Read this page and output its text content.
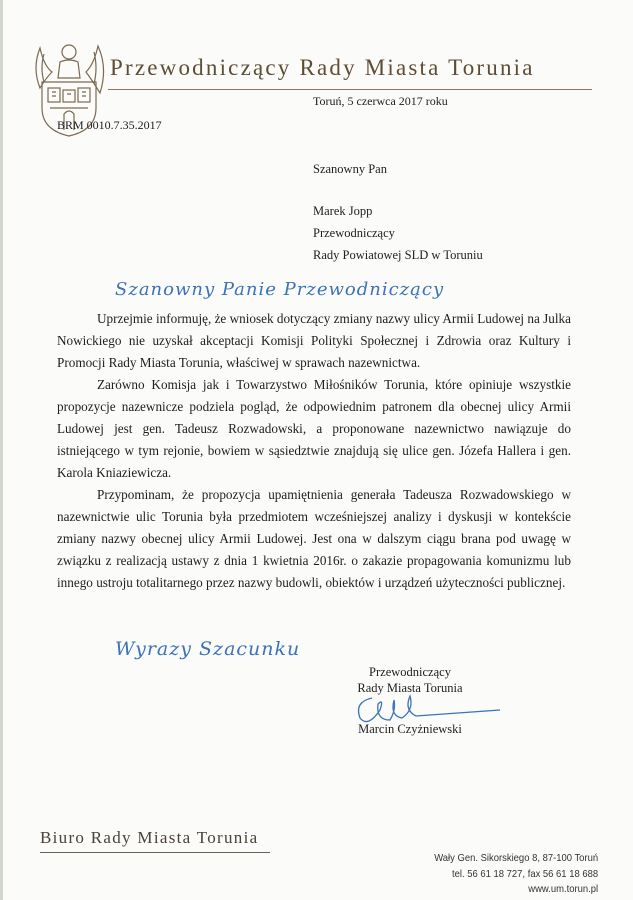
Przewodniczący Rady Miasta Torunia
Toruń, 5 czerwca 2017 roku
BRM 0010.7.35.2017
Szanowny Pan
Marek Jopp
Przewodniczący
Rady Powiatowej SLD w Toruniu
Szanowny Panie Przewodniczący

Uprzejmie informuję, że wniosek dotyczący zmiany nazwy ulicy Armii Ludowej na Julka Nowickiego nie uzyskał akceptacji Komisji Polityki Społecznej i Zdrowia oraz Kultury i Promocji Rady Miasta Torunia, właściwej w sprawach nazewnictwa.

Zarówno Komisja jak i Towarzystwo Miłośników Torunia, które opiniuje wszystkie propozycje nazewnicze podziela pogląd, że odpowiednim patronem dla obecnej ulicy Armii Ludowej jest gen. Tadeusz Rozwadowski, a proponowane nazewnictwo nawiązuje do istniejącego w tym rejonie, bowiem w sąsiedztwie znajdują się ulice gen. Józefa Hallera i gen. Karola Kniaziewicza.

Przypominam, że propozycja upamiętnienia generała Tadeusza Rozwadowskiego w nazewnictwie ulic Torunia była przedmiotem wcześniejszej analizy i dyskusji w kontekście zmiany nazwy obecnej ulicy Armii Ludowej. Jest ona w dalszym ciągu brana pod uwagę w związku z realizacją ustawy z dnia 1 kwietnia 2016r. o zakazie propagowania komunizmu lub innego ustroju totalitarnego przez nazwy budowli, obiektów i urządzeń użyteczności publicznej.

Wyrazy Szacunku
Przewodniczący
Rady Miasta Torunia
Marcin Czyżniewski
Biuro Rady Miasta Torunia
Wały Gen. Sikorskiego 8, 87-100 Toruń
tel. 56 61 18 727, fax 56 61 18 688
www.um.torun.pl
